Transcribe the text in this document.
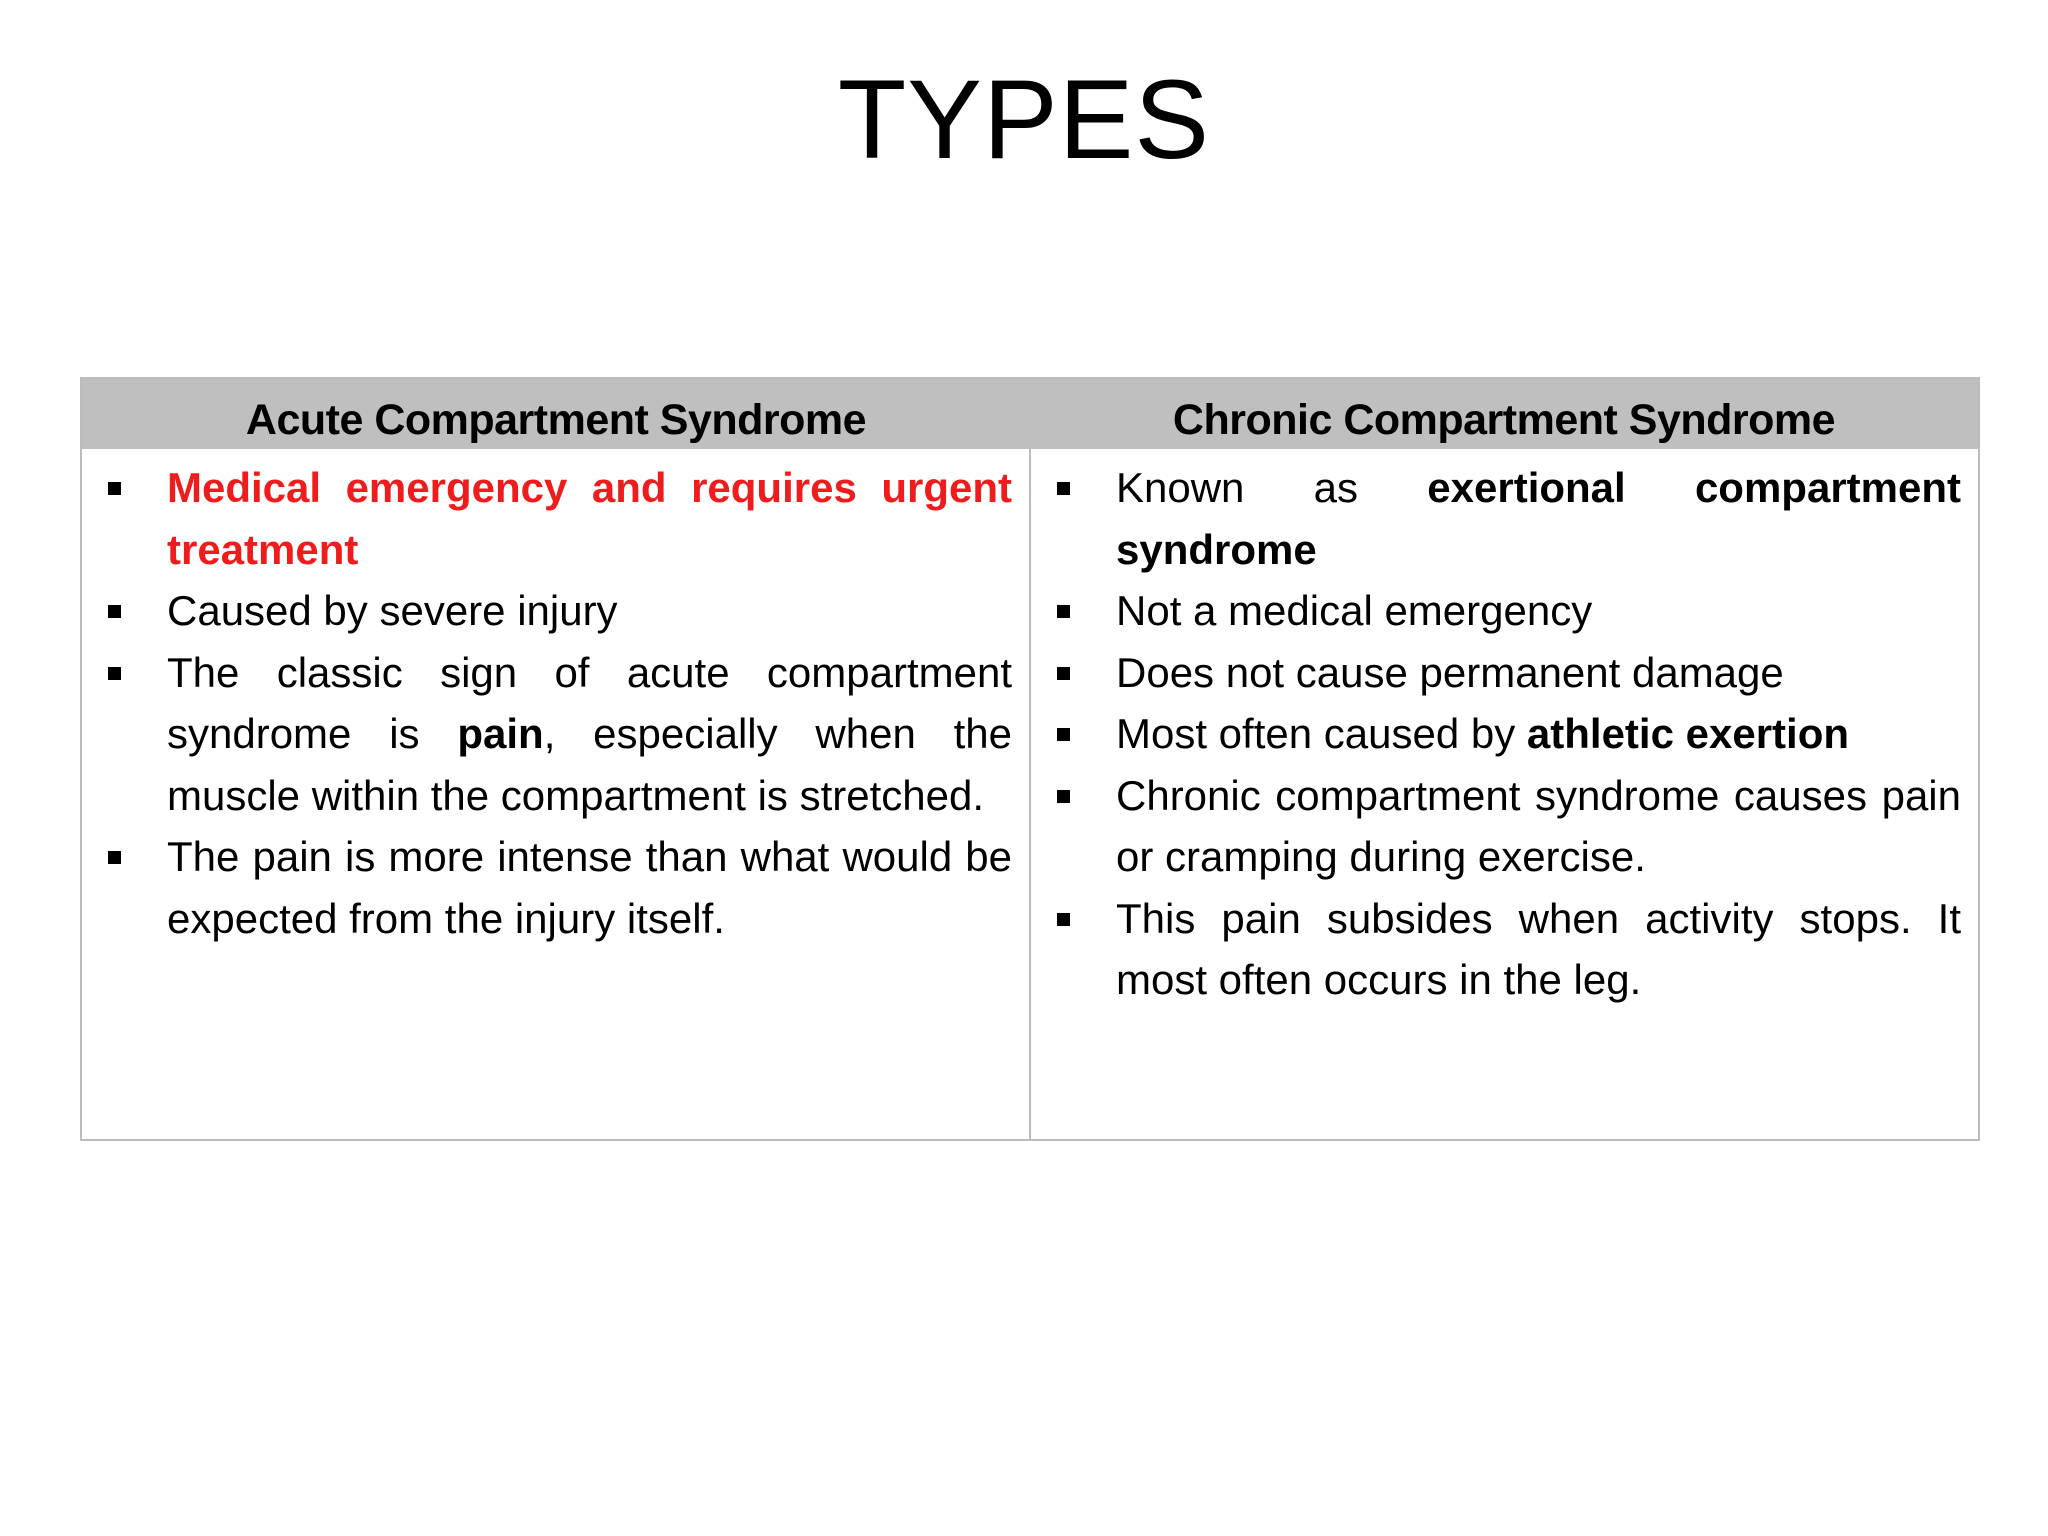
TYPES
Acute Compartment Syndrome	Chronic Compartment Syndrome
Medical emergency and requires urgent treatment
Caused by severe injury
The classic sign of acute compartment syndrome is pain, especially when the muscle within the compartment is stretched.
The pain is more intense than what would be expected from the injury itself.
Known as exertional compartment syndrome
Not a medical emergency
Does not cause permanent damage
Most often caused by athletic exertion
Chronic compartment syndrome causes pain or cramping during exercise.
This pain subsides when activity stops. It most often occurs in the leg.
